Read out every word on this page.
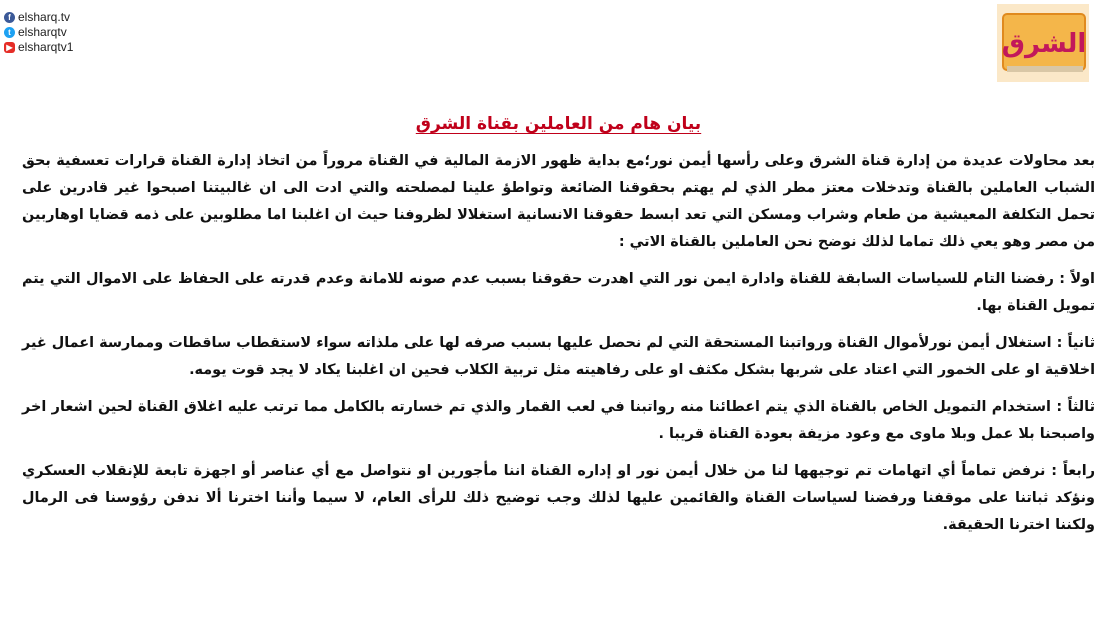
f elsharq.tv
t elsharqtv
▶ elsharqtv1	الشرق
بيان هام من العاملين بقناة الشرق

بعد محاولات عديدة من إدارة قناة الشرق وعلى رأسها أيمن نور؛مع بداية ظهور الازمة المالية في القناة مروراً من اتخاذ إدارة القناة قرارات تعسفية بحق الشباب العاملين بالقناة وتدخلات معتز مطر الذي لم يهتم بحقوقنا الضائعة وتواطؤ علينا لمصلحته والتي ادت الى ان غالبيتنا اصبحوا غير قادرين على تحمل التكلفة المعيشية من طعام وشراب ومسكن التي تعد ابسط حقوقنا الانسانية استغلالا لظروفنا حيث ان اغلبنا اما مطلوبين على ذمه قضايا اوهاربين من مصر وهو يعي ذلك تماما لذلك نوضح نحن العاملين بالقناة الاتي :

اولاً : رفضنا التام للسياسات السابقة للقناة وادارة ايمن نور التي اهدرت حقوقنا بسبب عدم صونه للامانة وعدم قدرته على الحفاظ على الاموال التي يتم تمويل القناة بها.

ثانياً : استغلال أيمن نورلأموال القناة ورواتبنا المستحقة التي لم نحصل عليها بسبب صرفه لها على ملذاته سواء لاستقطاب ساقطات وممارسة اعمال غير اخلاقية او على الخمور التي اعتاد على شربها بشكل مكثف او على رفاهيته مثل تربية الكلاب فحين ان اغلبنا يكاد لا يجد قوت يومه.

ثالثاً : استخدام التمويل الخاص بالقناة الذي يتم اعطائنا منه رواتبنا في لعب القمار والذي تم خسارته بالكامل مما ترتب عليه اغلاق القناة لحين اشعار اخر واصبحنا بلا عمل وبلا ماوى مع وعود مزيفة بعودة القناة قريبا .

رابعاً : نرفض تماماً أي اتهامات تم توجيهها لنا من خلال أيمن نور او إداره القناة اننا مأجورين او نتواصل مع أي عناصر أو اجهزة تابعة للإنقلاب العسكري ونؤكد ثباتنا على موقفنا ورفضنا لسياسات القناة والقائمين عليها لذلك وجب توضيح ذلك للرأى العام، لا سيما وأننا اخترنا ألا ندفن رؤوسنا فى الرمال ولكننا اخترنا الحقيقة.
